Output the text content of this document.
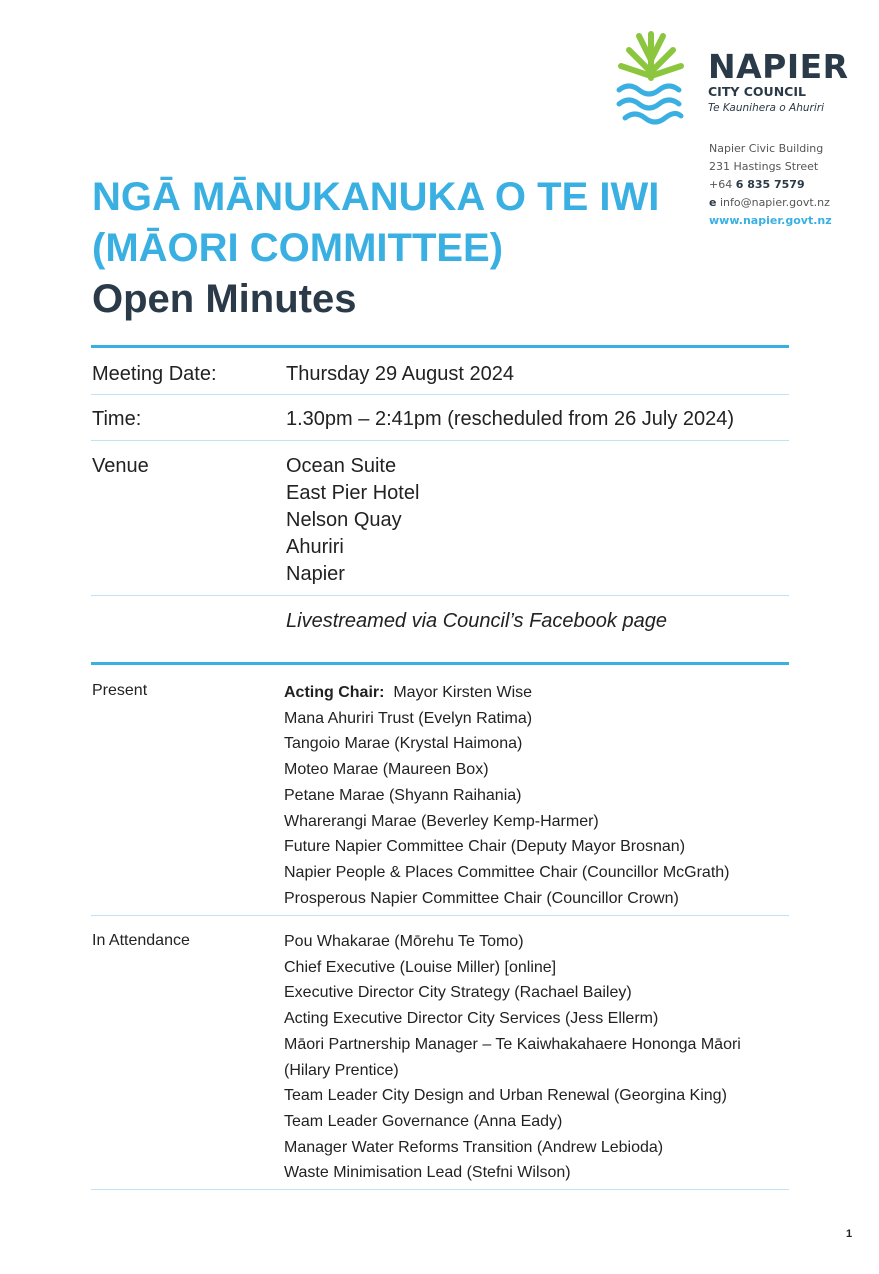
NAPIER
CITY COUNCIL
Te Kaunihera o Ahuriri
Napier Civic Building
231 Hastings Street
+64 6 835 7579
e info@napier.govt.nz
www.napier.govt.nz
NGĀ MĀNUKANUKA O TE IWI
(MĀORI COMMITTEE)
Open Minutes
Meeting Date:	Thursday 29 August 2024
Time:	1.30pm – 2:41pm (rescheduled from 26 July 2024)
Venue	Ocean Suite
East Pier Hotel
Nelson Quay
Ahuriri
Napier
Livestreamed via Council’s Facebook page
Present	Acting Chair: Mayor Kirsten Wise
Mana Ahuriri Trust (Evelyn Ratima)
Tangoio Marae (Krystal Haimona)
Moteo Marae (Maureen Box)
Petane Marae (Shyann Raihania)
Wharerangi Marae (Beverley Kemp-Harmer)
Future Napier Committee Chair (Deputy Mayor Brosnan)
Napier People & Places Committee Chair (Councillor McGrath)
Prosperous Napier Committee Chair (Councillor Crown)
In Attendance	Pou Whakarae (Mōrehu Te Tomo)
Chief Executive (Louise Miller) [online]
Executive Director City Strategy (Rachael Bailey)
Acting Executive Director City Services (Jess Ellerm)
Māori Partnership Manager – Te Kaiwhakahaere Hononga Māori
(Hilary Prentice)
Team Leader City Design and Urban Renewal (Georgina King)
Team Leader Governance (Anna Eady)
Manager Water Reforms Transition (Andrew Lebioda)
Waste Minimisation Lead (Stefni Wilson)
1
